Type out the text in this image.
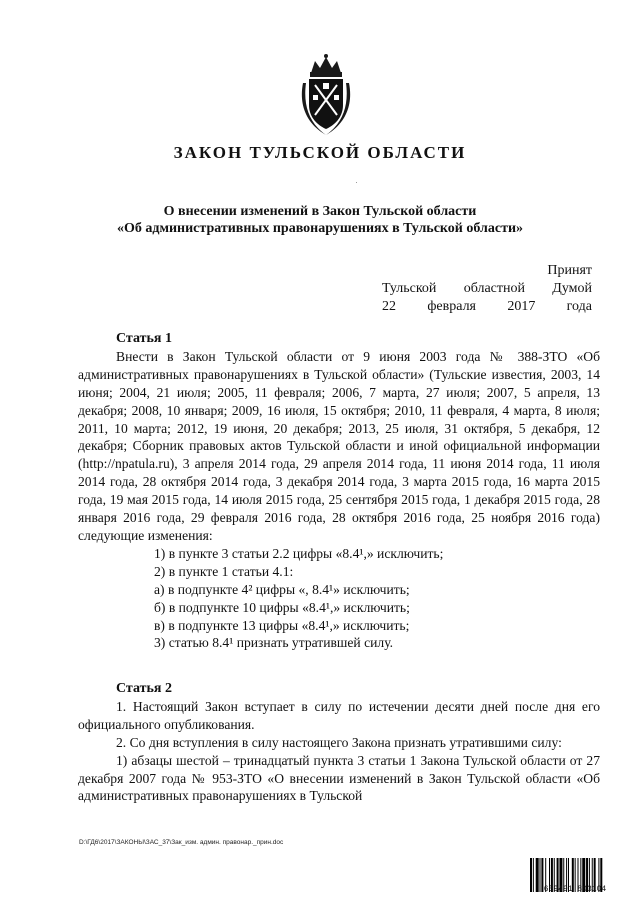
ЗАКОН ТУЛЬСКОЙ ОБЛАСТИ
О внесении изменений в Закон Тульской области
«Об административных правонарушениях в Тульской области»
Принят
Тульской областной Думой
22 февраля 2017 года

Статья 1

Внести в Закон Тульской области от 9 июня 2003 года № 388-ЗТО «Об административных правонарушениях в Тульской области» (Тульские известия, 2003, 14 июня; 2004, 21 июля; 2005, 11 февраля; 2006, 7 марта, 27 июля; 2007, 5 апреля, 13 декабря; 2008, 10 января; 2009, 16 июля, 15 октября; 2010, 11 февраля, 4 марта, 8 июля; 2011, 10 марта; 2012, 19 июня, 20 декабря; 2013, 25 июля, 31 октября, 5 декабря, 12 декабря; Сборник правовых актов Тульской области и иной официальной информации (http://npatula.ru), 3 апреля 2014 года, 29 апреля 2014 года, 11 июня 2014 года, 11 июля 2014 года, 28 октября 2014 года, 3 декабря 2014 года, 3 марта 2015 года, 16 марта 2015 года, 19 мая 2015 года, 14 июля 2015 года, 25 сентября 2015 года, 1 декабря 2015 года, 28 января 2016 года, 29 февраля 2016 года, 28 октября 2016 года, 25 ноября 2016 года) следующие изменения:

1) в пункте 3 статьи 2.2 цифры «8.4¹,» исключить;

2) в пункте 1 статьи 4.1:

а) в подпункте 4² цифры «, 8.4¹» исключить;

б) в подпункте 10 цифры «8.4¹,» исключить;

в) в подпункте 13 цифры «8.4¹,» исключить;

3) статью 8.4¹ признать утратившей силу.

Статья 2

1. Настоящий Закон вступает в силу по истечении десяти дней после дня его официального опубликования.

2. Со дня вступления в силу настоящего Закона признать утратившими силу:

1) абзацы шестой – тринадцатый пункта 3 статьи 1 Закона Тульской области от 27 декабря 2007 года № 953-ЗТО «О внесении изменений в Закон Тульской области «Об административных правонарушениях в Тульской

D:\ГД6\2017\ЗАКОНЫ\ЗАС_37\Зак_изм. админ. правонар._прин.doc
659491 803104
